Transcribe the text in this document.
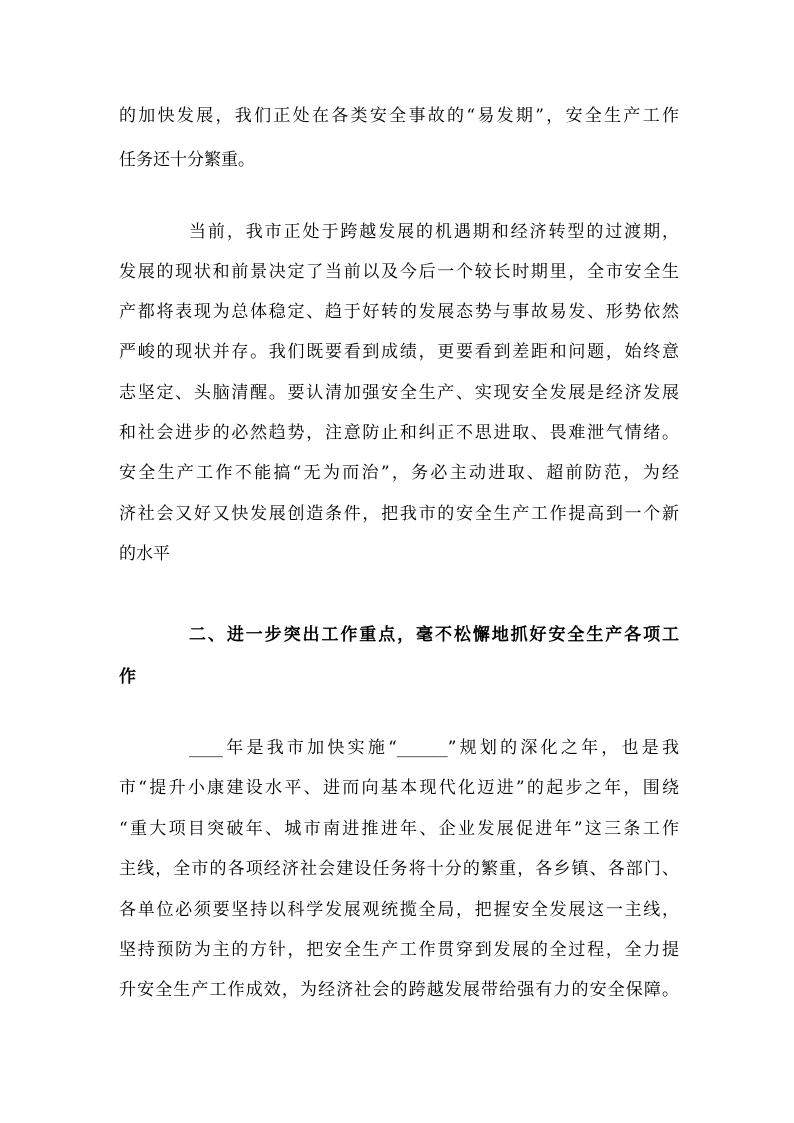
的加快发展，我们正处在各类安全事故的“易发期”，安全生产工作
任务还十分繁重。
当前，我市正处于跨越发展的机遇期和经济转型的过渡期，
发展的现状和前景决定了当前以及今后一个较长时期里，全市安全生
产都将表现为总体稳定、趋于好转的发展态势与事故易发、形势依然
严峻的现状并存。我们既要看到成绩，更要看到差距和问题，始终意
志坚定、头脑清醒。要认清加强安全生产、实现安全发展是经济发展
和社会进步的必然趋势，注意防止和纠正不思进取、畏难泄气情绪。
安全生产工作不能搞“无为而治”，务必主动进取、超前防范，为经
济社会又好又快发展创造条件，把我市的安全生产工作提高到一个新
的水平
二、进一步突出工作重点，毫不松懈地抓好安全生产各项工
作
____年是我市加快实施“______”规划的深化之年，也是我
市“提升小康建设水平、进而向基本现代化迈进”的起步之年，围绕
“重大项目突破年、城市南进推进年、企业发展促进年”这三条工作
主线，全市的各项经济社会建设任务将十分的繁重，各乡镇、各部门、
各单位必须要坚持以科学发展观统揽全局，把握安全发展这一主线，
坚持预防为主的方针，把安全生产工作贯穿到发展的全过程，全力提
升安全生产工作成效，为经济社会的跨越发展带给强有力的安全保障。
